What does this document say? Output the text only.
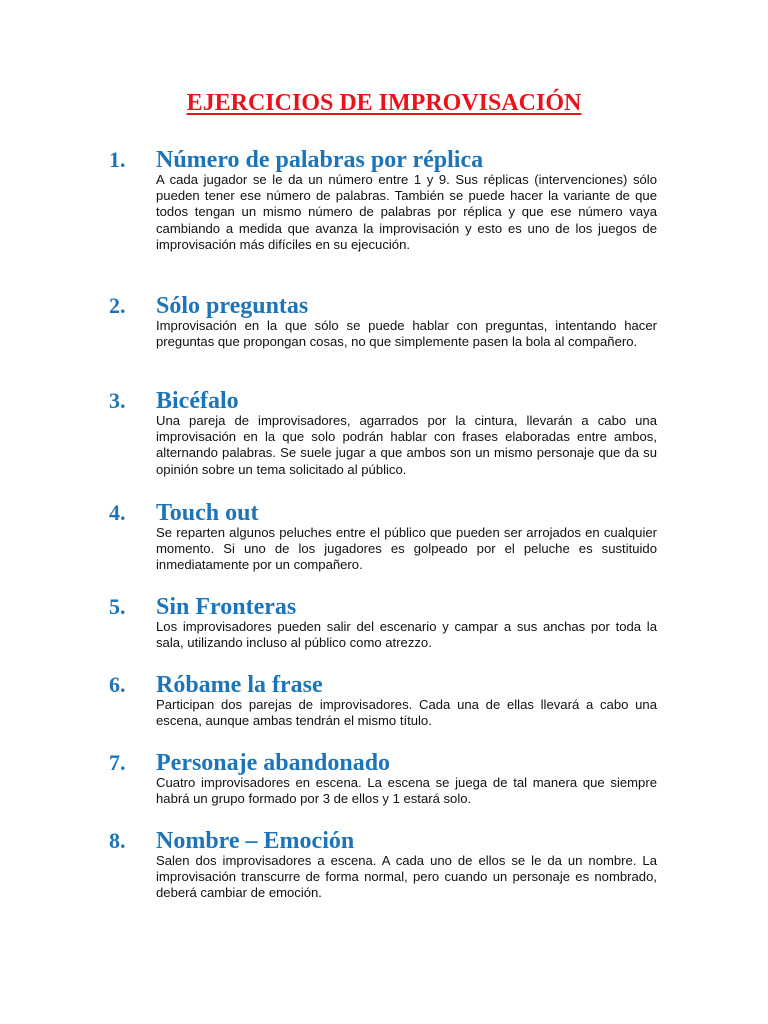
EJERCICIOS DE IMPROVISACIÓN
1. Número de palabras por réplica

A cada jugador se le da un número entre 1 y 9. Sus réplicas (intervenciones) sólo pueden tener ese número de palabras. También se puede hacer la variante de que todos tengan un mismo número de palabras por réplica y que ese número vaya cambiando a medida que avanza la improvisación y esto es uno de los juegos de improvisación más difíciles en su ejecución.

2. Sólo preguntas

Improvisación en la que sólo se puede hablar con preguntas, intentando hacer preguntas que propongan cosas, no que simplemente pasen la bola al compañero.

3. Bicéfalo

Una pareja de improvisadores, agarrados por la cintura, llevarán a cabo una improvisación en la que solo podrán hablar con frases elaboradas entre ambos, alternando palabras. Se suele jugar a que ambos son un mismo personaje que da su opinión sobre un tema solicitado al público.

4. Touch out

Se reparten algunos peluches entre el público que pueden ser arrojados en cualquier momento. Si uno de los jugadores es golpeado por el peluche es sustituido inmediatamente por un compañero.

5. Sin Fronteras

Los improvisadores pueden salir del escenario y campar a sus anchas por toda la sala, utilizando incluso al público como atrezzo.

6. Róbame la frase

Participan dos parejas de improvisadores. Cada una de ellas llevará a cabo una escena, aunque ambas tendrán el mismo título.

7. Personaje abandonado

Cuatro improvisadores en escena. La escena se juega de tal manera que siempre habrá un grupo formado por 3 de ellos y 1 estará solo.

8. Nombre – Emoción

Salen dos improvisadores a escena. A cada uno de ellos se le da un nombre. La improvisación transcurre de forma normal, pero cuando un personaje es nombrado, deberá cambiar de emoción.
